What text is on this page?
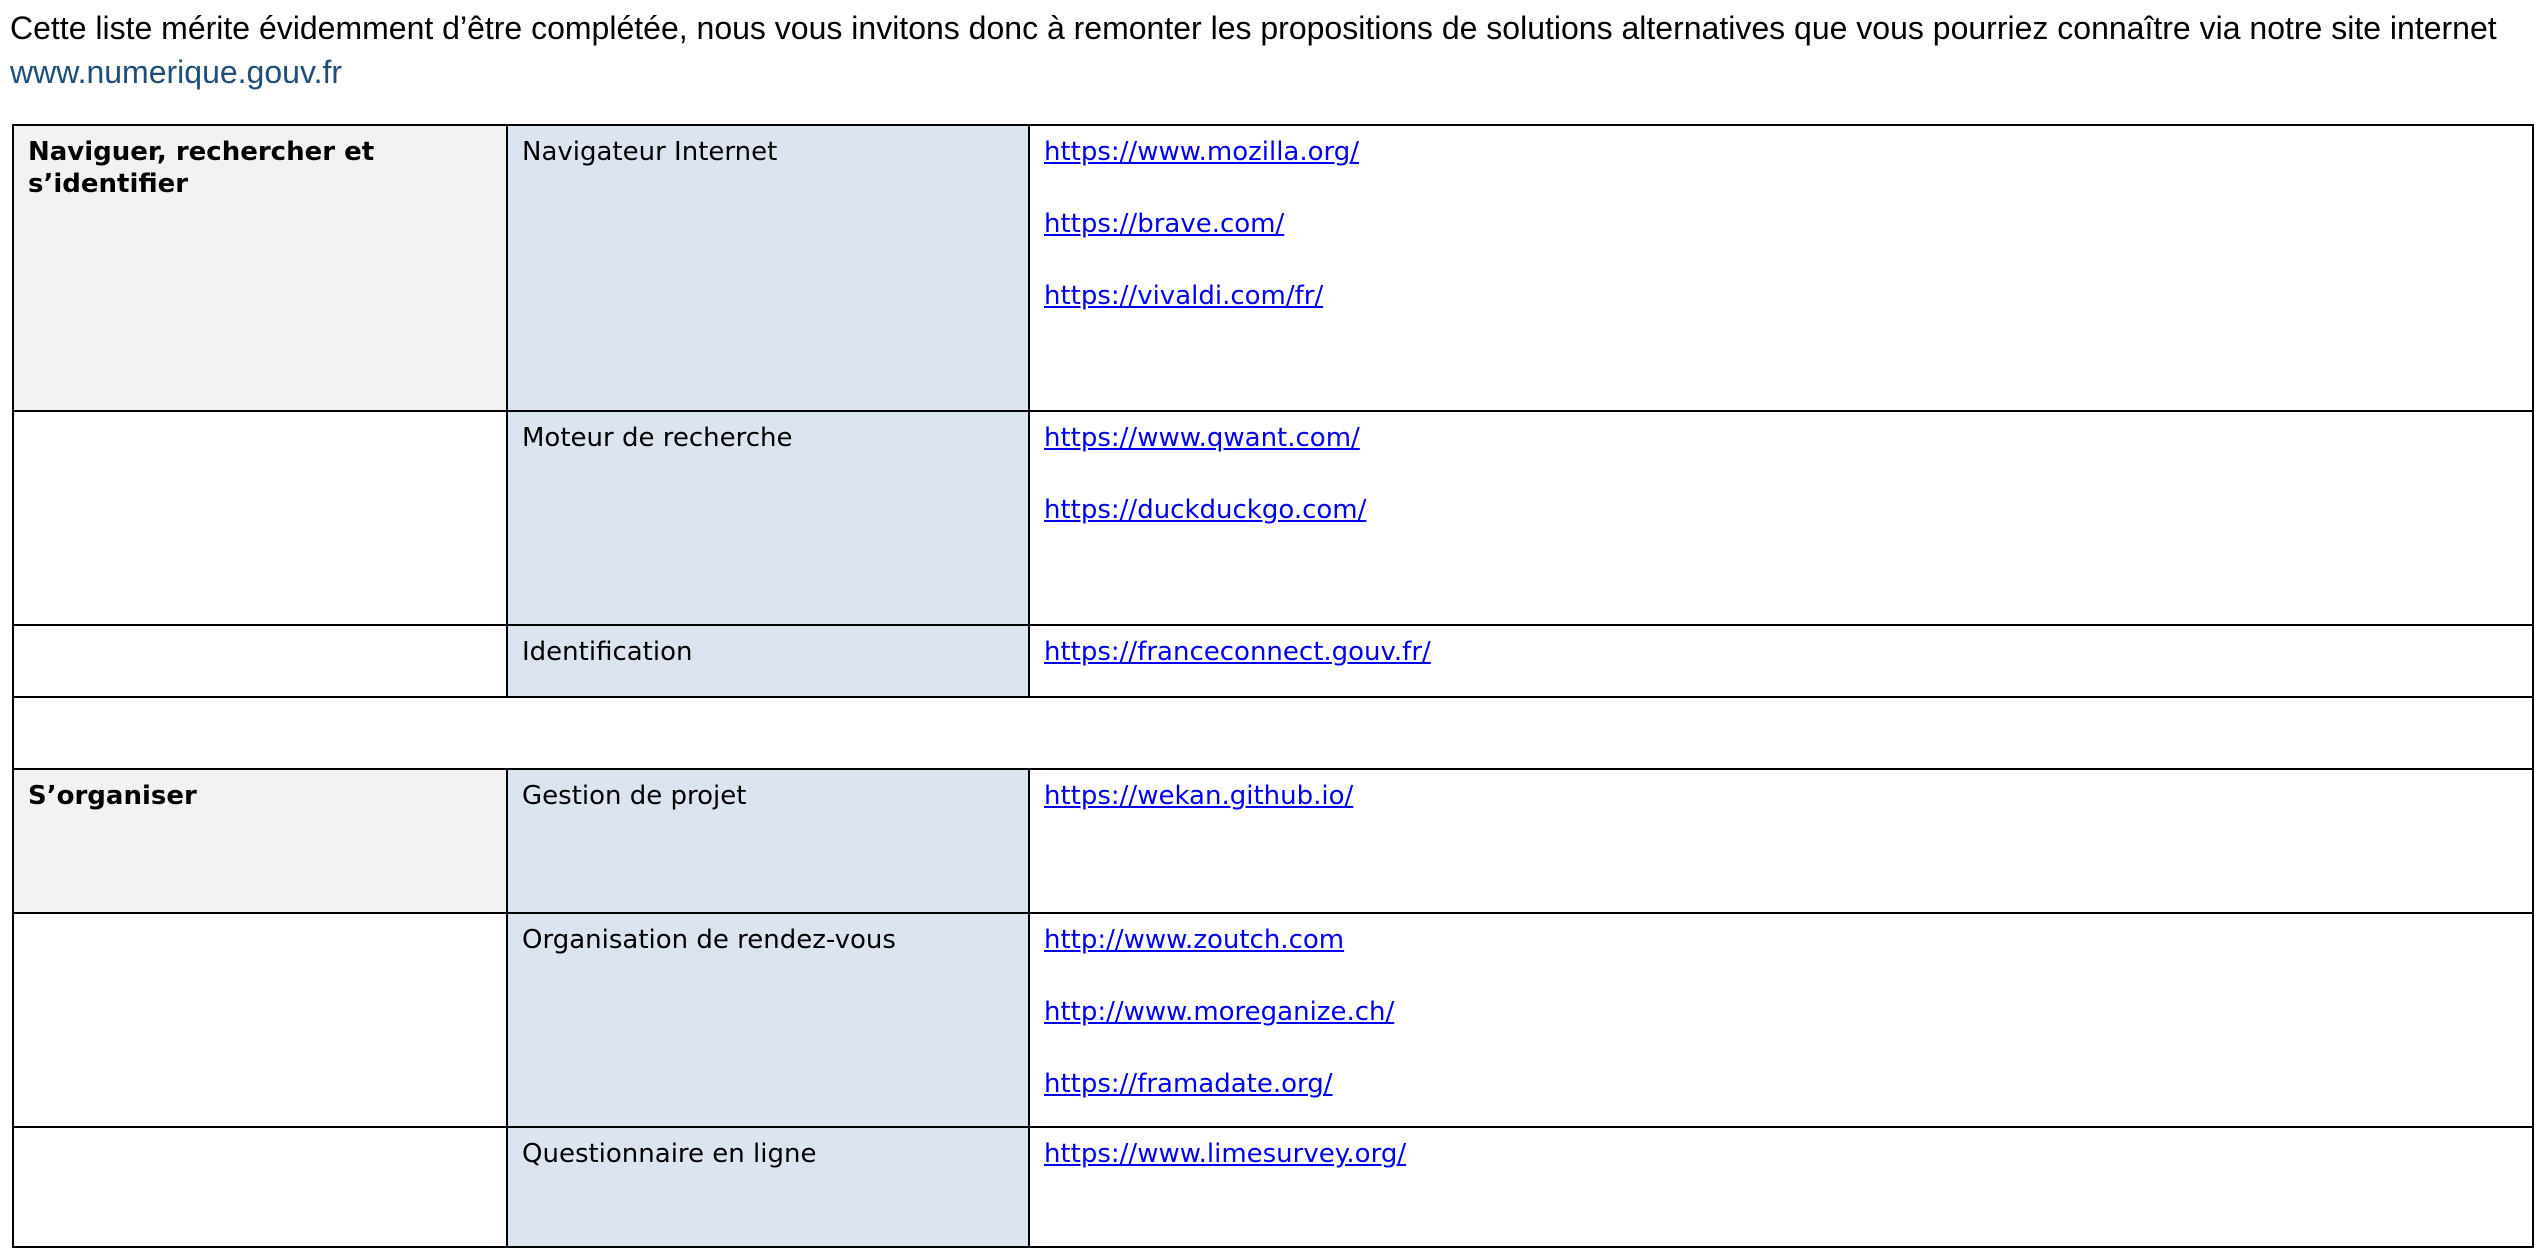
Cette liste mérite évidemment d’être complétée, nous vous invitons donc à remonter les propositions de solutions alternatives que vous pourriez connaître via notre site internet
www.numerique.gouv.fr
Naviguer, rechercher et s’identifier	Navigateur Internet	https://www.mozilla.org/
https://brave.com/
https://vivaldi.com/fr/

	Moteur de recherche	https://www.qwant.com/
https://duckduckgo.com/

	Identification	https://franceconnect.gouv.fr/

S’organiser	Gestion de projet	https://wekan.github.io/

	Organisation de rendez-vous	http://www.zoutch.com
http://www.moreganize.ch/
https://framadate.org/

	Questionnaire en ligne	https://www.limesurvey.org/
